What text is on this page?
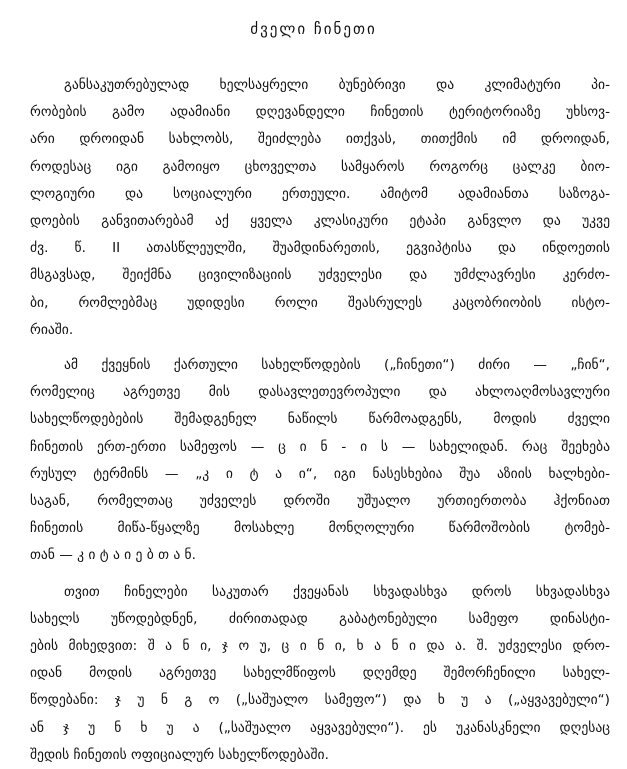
ძველი ჩინეთი
განსაკუთრებულად ხელსაყრელი ბუნებრივი და კლიმატური პი-
რობების გამო ადამიანი დღევანდელი ჩინეთის ტერიტორიაზე უხსოვ-
არი დროიდან სახლობს, შეიძლება ითქვას, თითქმის იმ დროიდან,
როდესაც იგი გამოიყო ცხოველთა სამყაროს როგორც ცალკე ბიო-
ლოგიური და სოციალური ერთეული. ამიტომ ადამიანთა საზოგა-
დოების განვითარებამ აქ ყველა კლასიკური ეტაპი განვლო და უკვე
ძვ. წ. II ათასწლეულში, შუამდინარეთის, ეგვიპტისა და ინდოეთის
მსგავსად, შეიქმნა ცივილიზაციის უძველესი და უმძლავრესი კერძო-
ბი, რომლებმაც უდიდესი როლი შეასრულეს კაცობრიობის ისტო-
რიაში.
ამ ქვეყნის ქართული სახელწოდების („ჩინეთი“) ძირი — „ჩინ“,
რომელიც აგრეთვე მის დასავლეთევროპული და ახლოაღმოსავლური
სახელწოდებების შემადგენელ ნაწილს წარმოადგენს, მოდის ძველი
ჩინეთის ერთ-ერთი სამეფოს — ც ი ნ - ი ს — სახელიდან. რაც შეეხება
რუსულ ტერმინს — „კ ი ტ ა ი“, იგი ნასესხებია შუა აზიის ხალხები-
საგან, რომელთაც უძველეს დროში უშუალო ურთიერთობა ჰქონიათ
ჩინეთის მიწა-წყალზე მოსახლე მონღოლური წარმოშობის ტომებ-
თან — კ ი ტ ა ი ე ბ თ ა ნ.
თვით ჩინელები საკუთარ ქვეყანას სხვადასხვა დროს სხვადასხვა
სახელს უწოდებდნენ, ძირითადად გაბატონებული სამეფო დინასტი-
ების მიხედვით: შ ა ნ ი, ჯ ო უ, ც ი ნ ი, ხ ა ნ ი და ა. შ. უძველესი დრო-
იდან მოდის აგრეთვე სახელმწიფოს დღემდე შემორჩენილი სახელ-
წოდებანი: ჯ უ ნ გ ო („საშუალო სამეფო“) და ხ უ ა („აყვავებული“)
ან ჯ უ ნ ხ უ ა („საშუალო აყვავებული“). ეს უკანასკნელი დღესაც
შედის ჩინეთის ოფიციალურ სახელწოდებაში.
